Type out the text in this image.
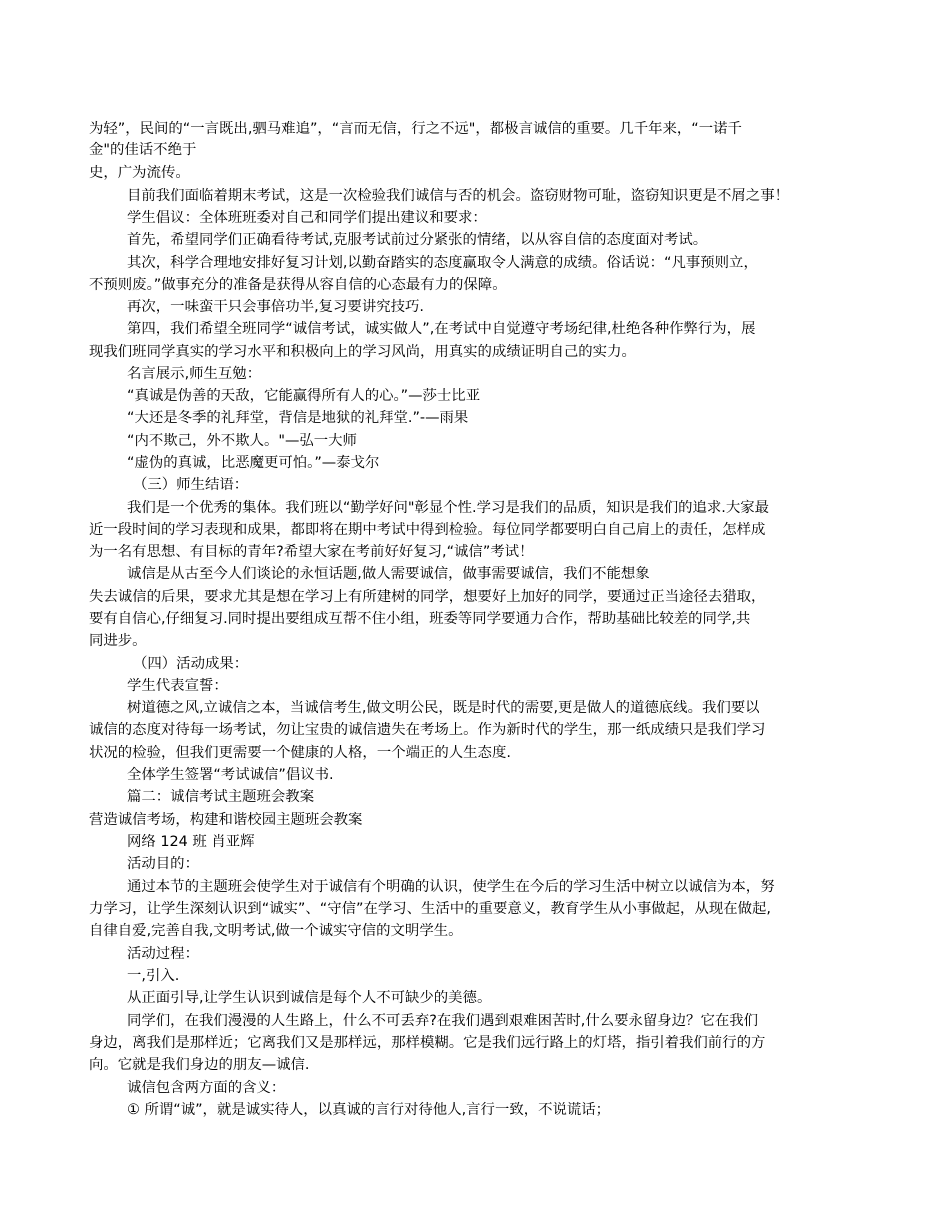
为轻”，民间的“一言既出,驷马难追”，“言而无信，行之不远"，都极言诚信的重要。几千年来，“一诺千
金"的佳话不绝于
史，广为流传。
目前我们面临着期末考试，这是一次检验我们诚信与否的机会。盗窃财物可耻，盗窃知识更是不屑之事！
学生倡议：全体班班委对自己和同学们提出建议和要求：
首先，希望同学们正确看待考试,克服考试前过分紧张的情绪，以从容自信的态度面对考试。
其次，科学合理地安排好复习计划,以勤奋踏实的态度赢取令人满意的成绩。俗话说：“凡事预则立，
不预则废。”做事充分的准备是获得从容自信的心态最有力的保障。
再次，一味蛮干只会事倍功半,复习要讲究技巧.
第四，我们希望全班同学“诚信考试，诚实做人”,在考试中自觉遵守考场纪律,杜绝各种作弊行为，展
现我们班同学真实的学习水平和积极向上的学习风尚，用真实的成绩证明自己的实力。
名言展示,师生互勉：
“真诚是伪善的天敌，它能赢得所有人的心。”—莎士比亚
“大还是冬季的礼拜堂，背信是地狱的礼拜堂.”-—雨果
“内不欺己，外不欺人。"—弘一大师
“虚伪的真诚，比恶魔更可怕。”—泰戈尔
（三）师生结语：
我们是一个优秀的集体。我们班以“勤学好问"彰显个性.学习是我们的品质，知识是我们的追求.大家最
近一段时间的学习表现和成果，都即将在期中考试中得到检验。每位同学都要明白自己肩上的责任，怎样成
为一名有思想、有目标的青年?希望大家在考前好好复习,“诚信”考试！
诚信是从古至今人们谈论的永恒话题,做人需要诚信，做事需要诚信，我们不能想象
失去诚信的后果，要求尤其是想在学习上有所建树的同学，想要好上加好的同学，要通过正当途径去猎取，
要有自信心,仔细复习.同时提出要组成互帮不住小组，班委等同学要通力合作，帮助基础比较差的同学,共
同进步。
（四）活动成果：
学生代表宣誓：
树道德之风,立诚信之本，当诚信考生,做文明公民，既是时代的需要,更是做人的道德底线。我们要以
诚信的态度对待每一场考试，勿让宝贵的诚信遗失在考场上。作为新时代的学生，那一纸成绩只是我们学习
状况的检验，但我们更需要一个健康的人格，一个端正的人生态度.
全体学生签署“考试诚信”倡议书.
篇二：诚信考试主题班会教案
营造诚信考场，构建和谐校园主题班会教案
网络 124 班 肖亚辉
活动目的：
通过本节的主题班会使学生对于诚信有个明确的认识，使学生在今后的学习生活中树立以诚信为本，努
力学习，让学生深刻认识到“诚实”、“守信”在学习、生活中的重要意义，教育学生从小事做起，从现在做起,
自律自爱,完善自我,文明考试,做一个诚实守信的文明学生。
活动过程：
一,引入.
从正面引导,让学生认识到诚信是每个人不可缺少的美德。
同学们，在我们漫漫的人生路上，什么不可丢弃?在我们遇到艰难困苦时,什么要永留身边？它在我们
身边，离我们是那样近；它离我们又是那样远，那样模糊。它是我们远行路上的灯塔，指引着我们前行的方
向。它就是我们身边的朋友—诚信.
诚信包含两方面的含义：
① 所谓“诚”，就是诚实待人，以真诚的言行对待他人,言行一致，不说谎话；
